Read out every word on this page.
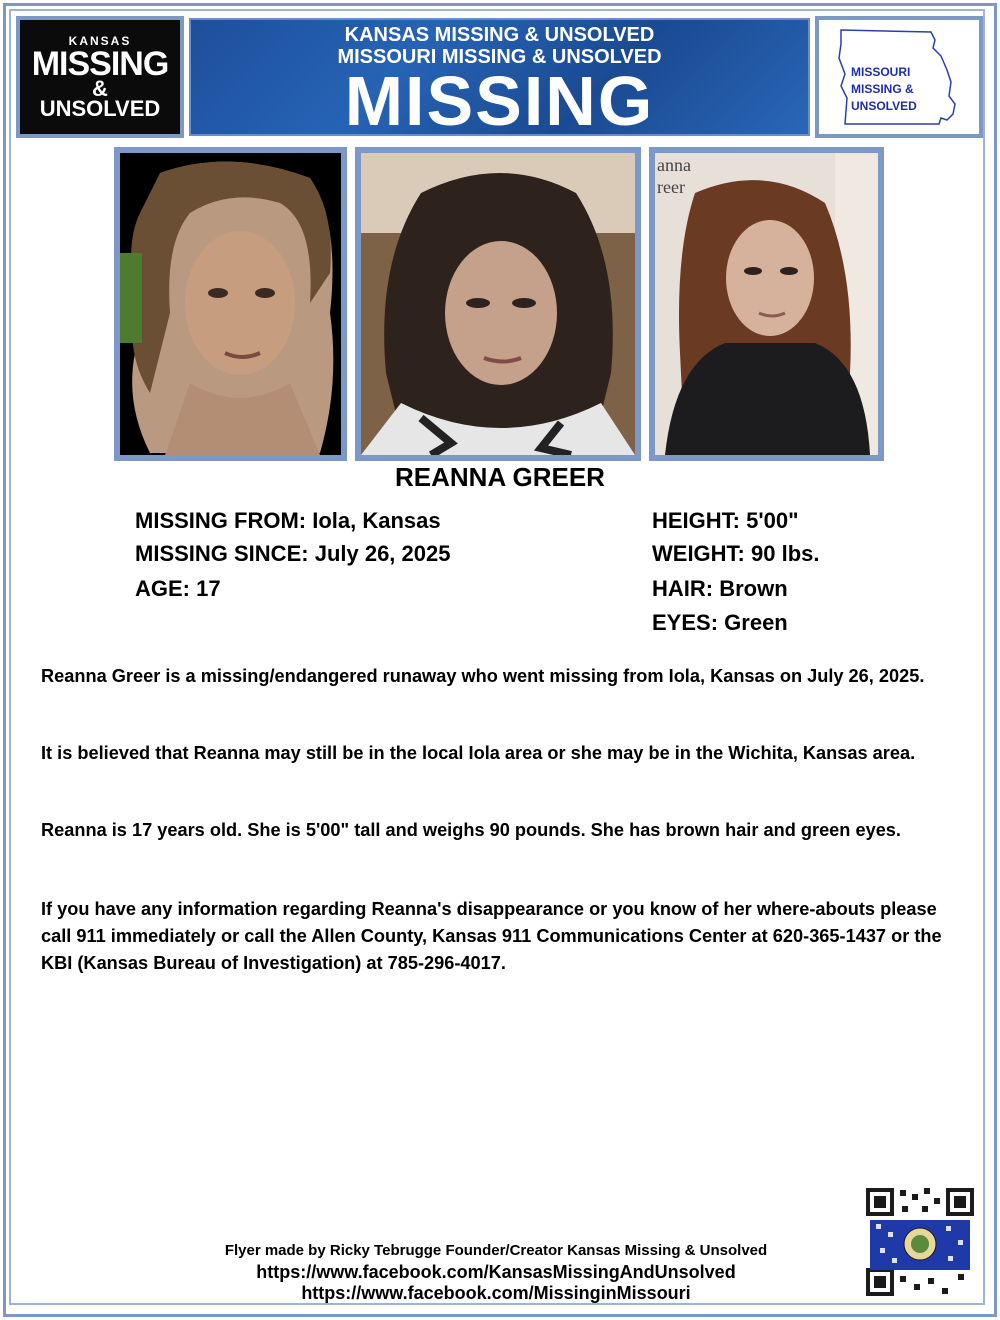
KANSAS
MISSING
&
UNSOLVED
KANSAS MISSING & UNSOLVED
MISSOURI MISSING & UNSOLVED
MISSING	MISSOURI
MISSING &
UNSOLVED
anna
reer
REANNA GREER
MISSING FROM: Iola, Kansas
MISSING SINCE: July 26, 2025
AGE: 17
HEIGHT: 5'00"
WEIGHT: 90 lbs.
HAIR: Brown
EYES: Green
Reanna Greer is a missing/endangered runaway who went missing from Iola, Kansas on July 26, 2025.
It is believed that Reanna may still be in the local Iola area or she may be in the Wichita, Kansas area.
Reanna is 17 years old. She is 5'00" tall and weighs 90 pounds. She has brown hair and green eyes.
If you have any information regarding Reanna's disappearance or you know of her where-abouts please call 911 immediately or call the Allen County, Kansas 911 Communications Center at 620-365-1437 or the KBI (Kansas Bureau of Investigation) at 785-296-4017.
Flyer made by Ricky Tebrugge Founder/Creator Kansas Missing & Unsolved
https://www.facebook.com/KansasMissingAndUnsolved
https://www.facebook.com/MissinginMissouri
